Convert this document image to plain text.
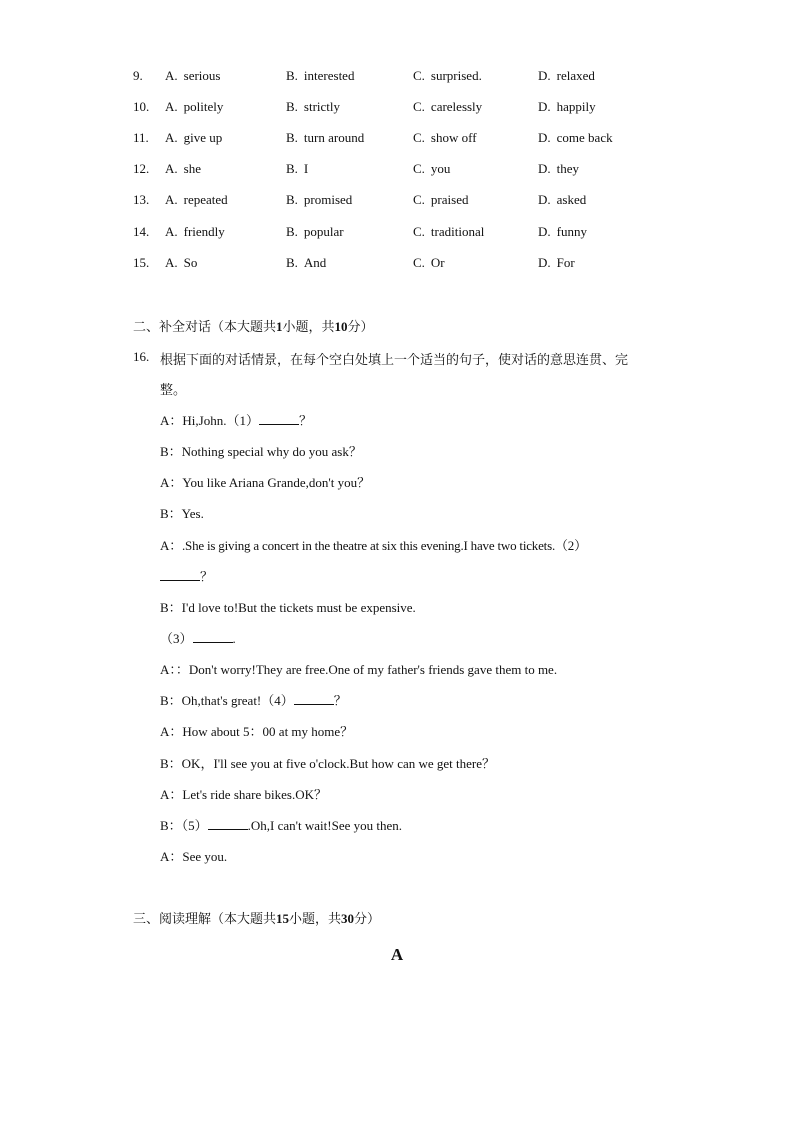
9. A. serious	B. interested	C. surprised.	D. relaxed
10. A. politely	B. strictly	C. carelessly	D. happily
11. A. give up	B. turn around	C. show off	D. come back
12. A. she	B. I	C. you	D. they
13. A. repeated	B. promised	C. praised	D. asked
14. A. friendly	B. popular	C. traditional	D. funny
15. A. So	B. And	C. Or	D. For
二、补全对话（本大题共1小题，共10分）
16. 根据下面的对话情景，在每个空白处填上一个适当的句子，使对话的意思连贯、完
整。
A：Hi,John.（1）	？
B：Nothing special why do you ask？
A：You like Ariana Grande,don't you？
B：Yes.
A：.She is giving a concert in the theatre at six this evening.I have two tickets.（2）
？
B：I'd love to!But the tickets must be expensive.
（3）	.
A：：Don't worry!They are free.One of my father's friends gave them to me.
B：Oh,that's great!（4）	？
A：How about 5：00 at my home？
B：OK，I'll see you at five o'clock.But how can we get there？
A：Let's ride share bikes.OK？
B：（5）	.Oh,I can't wait!See you then.
A：See you.
三、阅读理解（本大题共15小题，共30分）
A
